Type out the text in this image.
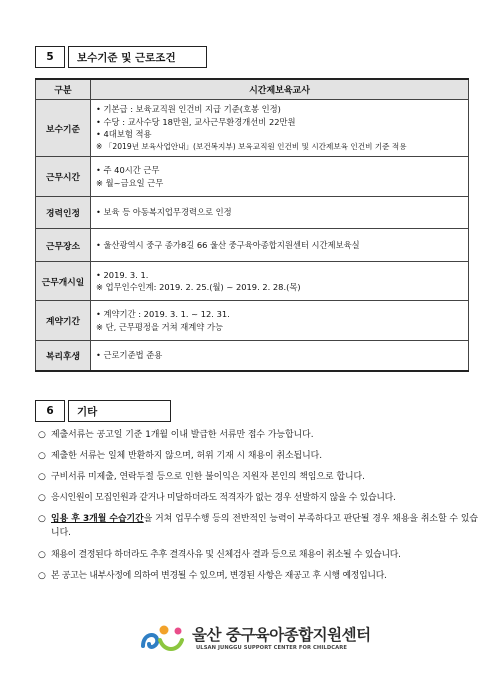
5	보수기준 및 근로조건
구분	시간제보육교사
보수기준	• 기본급 : 보육교직원 인건비 지급 기준(호봉 인정)
• 수당 : 교사수당 18만원, 교사근무환경개선비 22만원
• 4대보험 적용
※ 「2019년 보육사업안내」(보건복지부) 보육교직원 인건비 및 시간제보육 인건비 기준 적용

근무시간	• 주 40시간 근무
※ 월~금요일 근무

경력인정	• 보육 등 아동복지업무경력으로 인정

근무장소	• 울산광역시 중구 종가8길 66 울산 중구육아종합지원센터 시간제보육실

근무개시일	• 2019. 3. 1.
※ 업무인수인계: 2019. 2. 25.(월) ~ 2019. 2. 28.(목)

계약기간	• 계약기간 : 2019. 3. 1. ~ 12. 31.
※ 단, 근무평정을 거쳐 재계약 가능

복리후생	• 근로기준법 준용
6	기타
○ 제출서류는 공고일 기준 1개월 이내 발급한 서류만 접수 가능합니다.
○ 제출한 서류는 일체 반환하지 않으며, 허위 기재 시 채용이 취소됩니다.
○ 구비서류 미제출, 연락두절 등으로 인한 불이익은 지원자 본인의 책임으로 합니다.
○ 응시인원이 모집인원과 같거나 미달하더라도 적격자가 없는 경우 선발하지 않을 수 있습니다.
○ 임용 후 3개월 수습기간을 거쳐 업무수행 등의 전반적인 능력이 부족하다고 판단될 경우 채용을 취소할 수 있습니다.
○ 채용이 결정된다 하더라도 추후 결격사유 및 신체검사 결과 등으로 채용이 취소될 수 있습니다.
○ 본 공고는 내부사정에 의하여 변경될 수 있으며, 변경된 사항은 재공고 후 시행 예정입니다.
울산 중구육아종합지원센터
ULSAN JUNGGU SUPPORT CENTER FOR CHILDCARE
